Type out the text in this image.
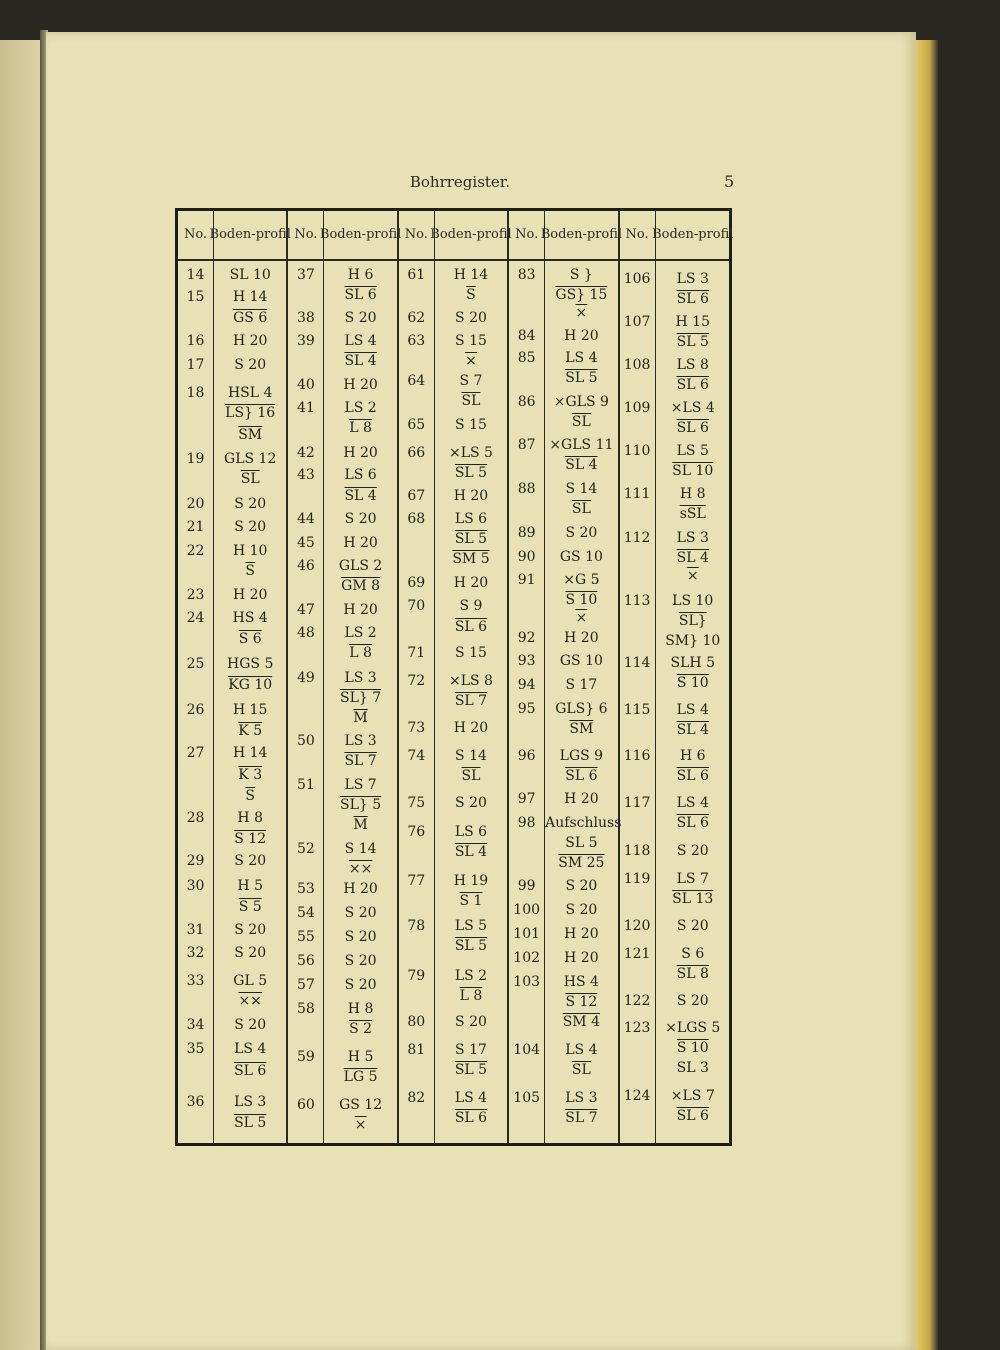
Bohrregister.	5
No.
14
15
16
17
18
19
20
21
22
23
24
25
26
27
28
29
30
31
32
33
34
35
36
Boden- profil
SL 10
H 14
GS 6
H 20
S 20
HSL 4
LS} 16
$\overline{SM}$
GLS 12
$\overline{SL}$
S 20
S 20
H 10
$\overline{S}$
H 20
HS 4
S 6
HGS 5
KG 10
H 15
K 5
H 14
K 3
$\overline{S}$
H 8
S 12
S 20
H 5
S 5
S 20
S 20
GL 5
××
S 20
LS 4
SL 6
LS 3
SL 5
No.
37
38
39
40
41
42
43
44
45
46
47
48
49
50
51
52
53
54
55
56
57
58
59
60
Boden- profil
H 6
SL 6
S 20
LS 4
SL 4
H 20
LS 2
L 8
H 20
LS 6
SL 4
S 20
H 20
GLS 2
GM 8
H 20
LS 2
L 8
LS 3
SL} 7
$\overline{M}$
LS 3
SL 7
LS 7
SL} 5
$\overline{M}$
S 14
××
H 20
S 20
S 20
S 20
S 20
H 8
S 2
H 5
LG 5
GS 12
×
No.
61
62
63
64
65
66
67
68
69
70
71
72
73
74
75
76
77
78
79
80
81
82
Boden- profil
H 14
$\overline{S}$
S 20
S 15
×
S 7
$\overline{SL}$
S 15
×LS 5
SL 5
H 20
LS 6
SL 5
SM 5
H 20
S 9
SL 6
S 15
×LS 8
SL 7
H 20
S 14
$\overline{SL}$
S 20
LS 6
SL 4
H 19
S 1
LS 5
SL 5
LS 2
L 8
S 20
S 17
SL 5
LS 4
SL 6
No.
83
84
85
86
87
88
89
90
91
92
93
94
95
96
97
98
99
100
101
102
103
104
105
Boden- profil
S }
GS} 15
×
H 20
LS 4
SL 5
×GLS 9
$\overline{SL}$
×GLS 11
SL 4
S 14
$\overline{SL}$
S 20
GS 10
×G 5
S 10
×
H 20
GS 10
S 17
GLS} 6
$\overline{SM}$
LGS 9
SL 6
H 20
Aufschluss
SL 5
SM 25
S 20
S 20
H 20
H 20
HS 4
S 12
SM 4
LS 4
$\overline{SL}$
LS 3
SL 7
No.
106
107
108
109
110
111
112
113
114
115
116
117
118
119
120
121
122
123
124
Boden- profil
LS 3
SL 6
H 15
SL 5
LS 8
SL 6
×LS 4
SL 6
LS 5
SL 10
H 8
$\overline{sSL}$
LS 3
SL 4
×
LS 10
SL}
SM} 10
SLH 5
S 10
LS 4
SL 4
H 6
SL 6
LS 4
SL 6
S 20
LS 7
SL 13
S 20
S 6
SL 8
S 20
×LGS 5
S 10
SL 3
×LS 7
SL 6
